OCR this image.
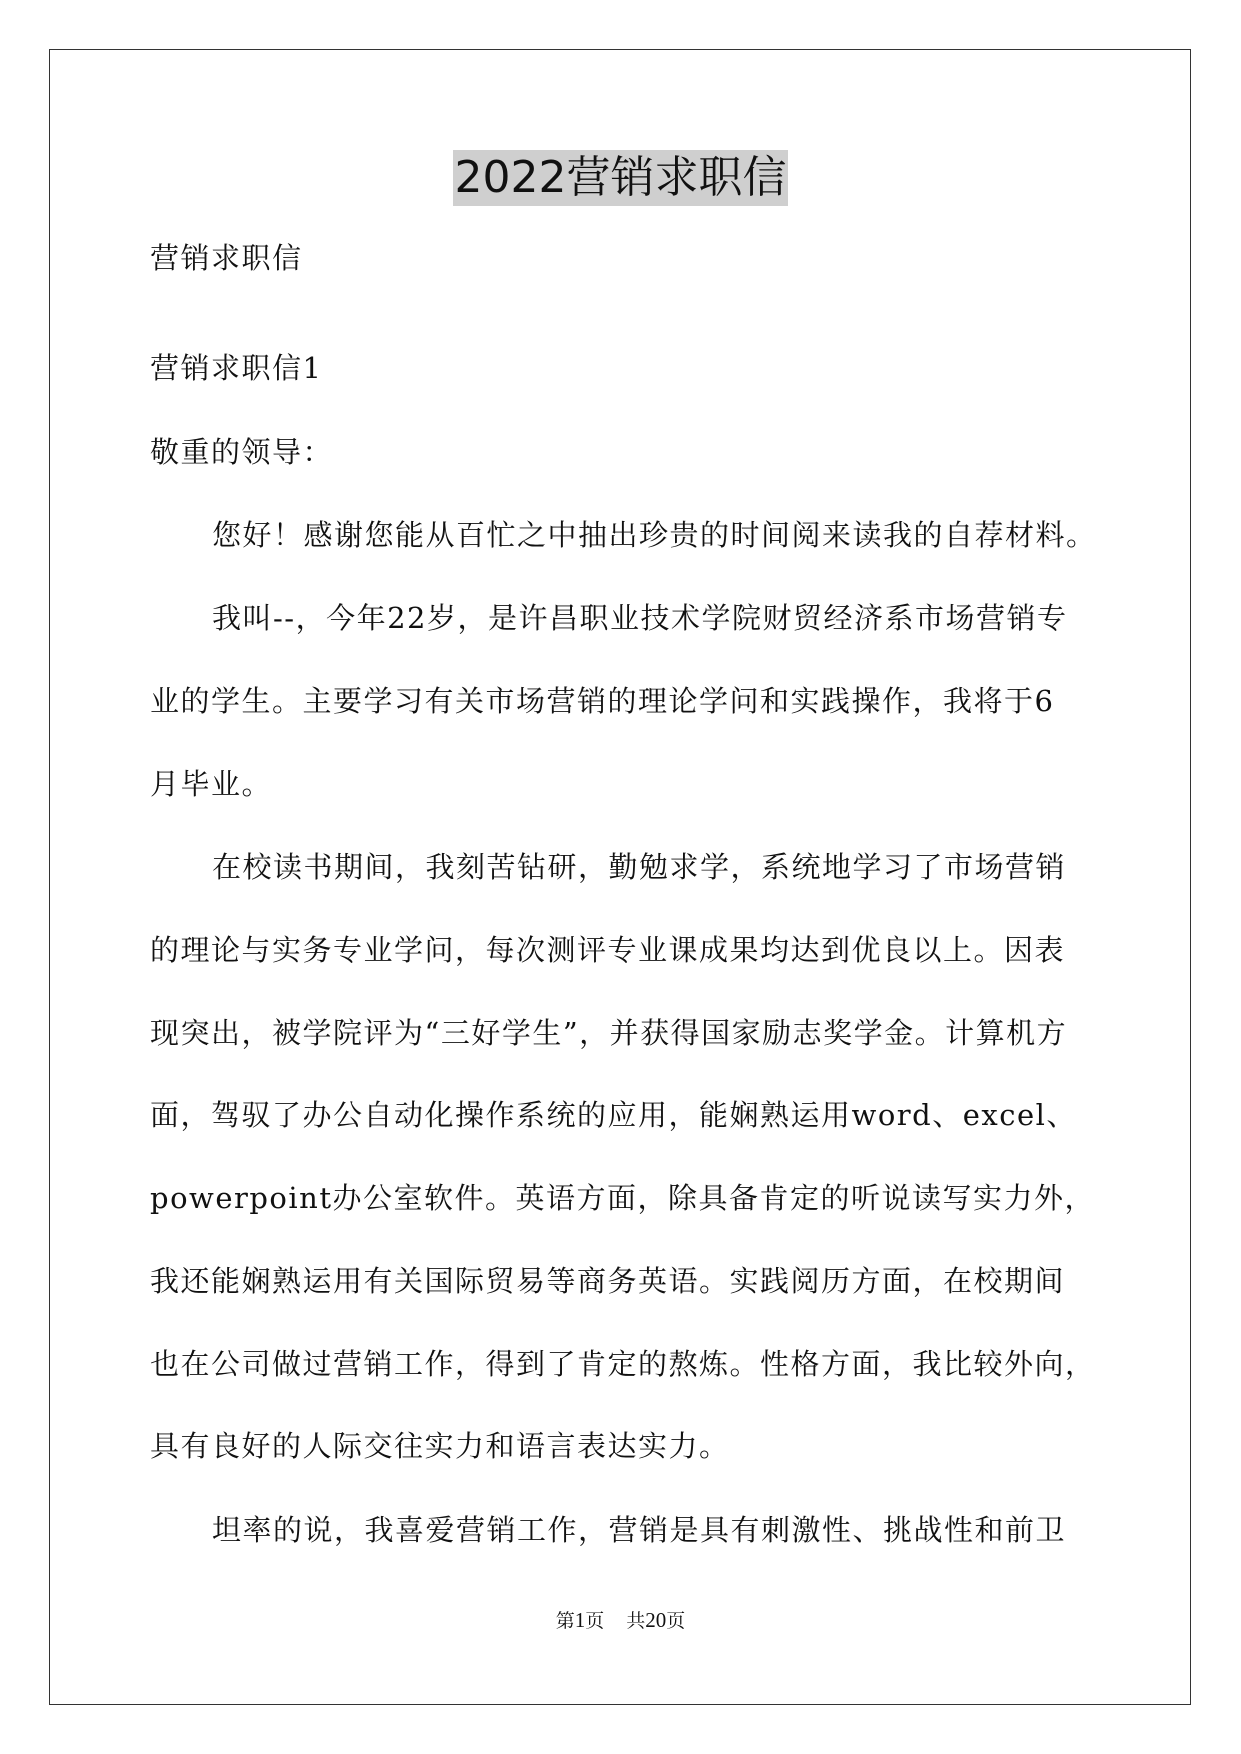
2022营销求职信
营销求职信
营销求职信1
敬重的领导：
您好！感谢您能从百忙之中抽出珍贵的时间阅来读我的自荐材料。
我叫--，今年22岁，是许昌职业技术学院财贸经济系市场营销专
业的学生。主要学习有关市场营销的理论学问和实践操作，我将于6
月毕业。
在校读书期间，我刻苦钻研，勤勉求学，系统地学习了市场营销
的理论与实务专业学问，每次测评专业课成果均达到优良以上。因表
现突出，被学院评为“三好学生”，并获得国家励志奖学金。计算机方
面，驾驭了办公自动化操作系统的应用，能娴熟运用word、excel、
powerpoint办公室软件。英语方面，除具备肯定的听说读写实力外，
我还能娴熟运用有关国际贸易等商务英语。实践阅历方面，在校期间
也在公司做过营销工作，得到了肯定的熬炼。性格方面，我比较外向，
具有良好的人际交往实力和语言表达实力。
坦率的说，我喜爱营销工作，营销是具有刺激性、挑战性和前卫
第1页 共20页
